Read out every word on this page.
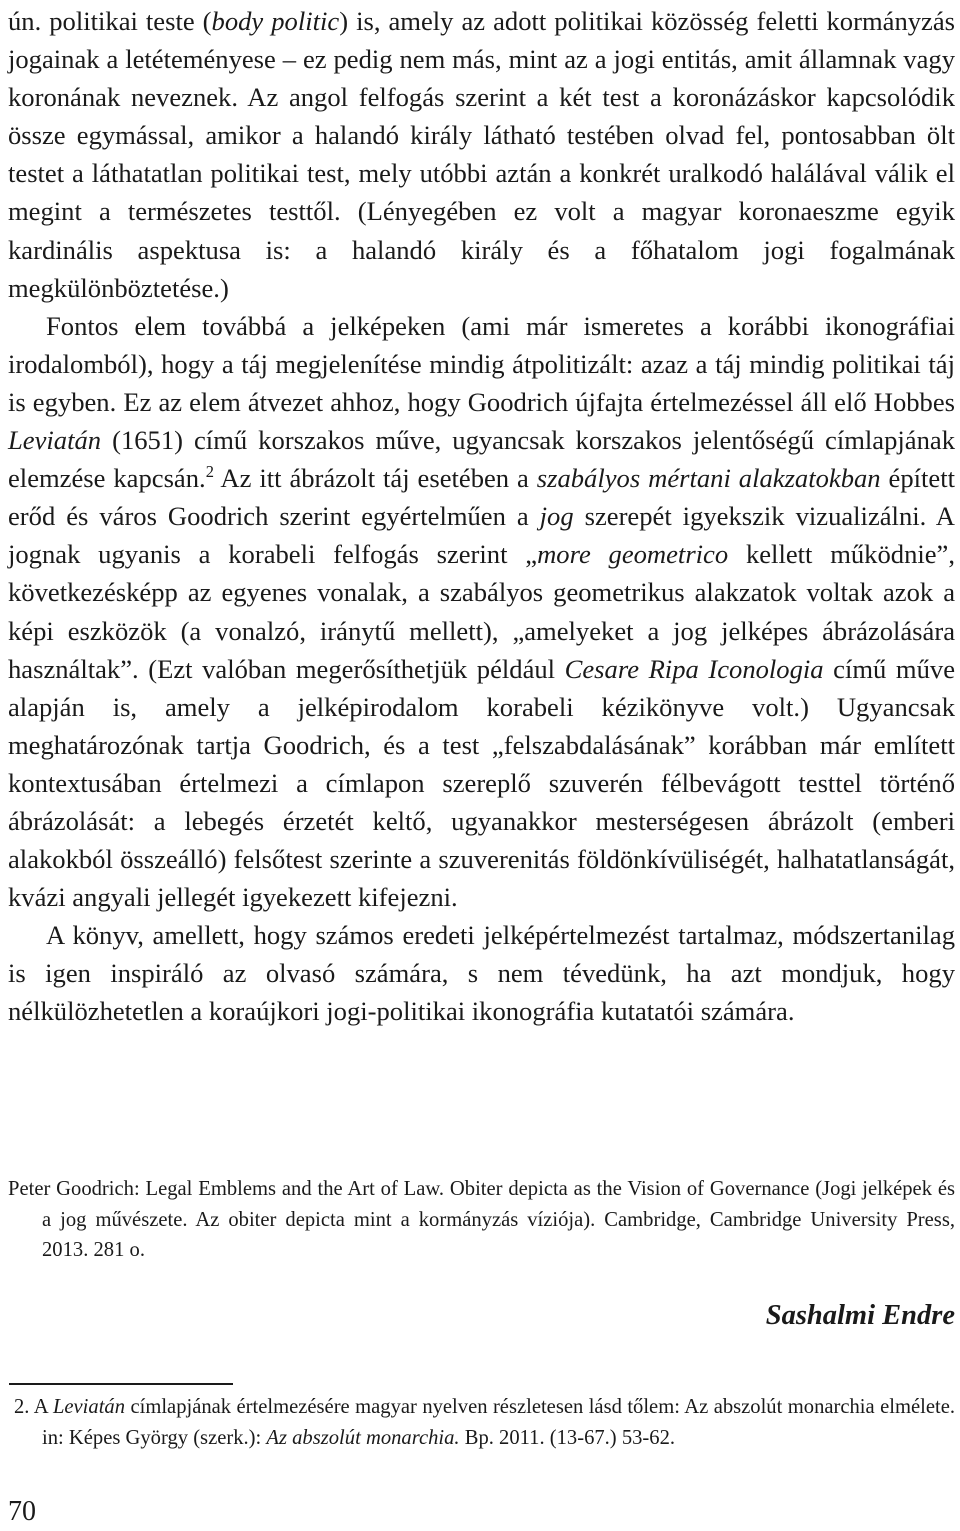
ún. politikai teste (body politic) is, amely az adott politikai közösség feletti kormányzás jogainak a letéteményese – ez pedig nem más, mint az a jogi entitás, amit államnak vagy koronának neveznek. Az angol felfogás szerint a két test a koronázáskor kapcsolódik össze egymással, amikor a halandó király látható testében olvad fel, pontosabban ölt testet a láthatatlan politikai test, mely utóbbi aztán a konkrét uralkodó halálával válik el megint a természetes testtől. (Lényegében ez volt a magyar koronaeszme egyik kardinális aspektusa is: a halandó király és a főhatalom jogi fogalmának megkülönböztetése.)

Fontos elem továbbá a jelképeken (ami már ismeretes a korábbi ikonográfiai irodalomból), hogy a táj megjelenítése mindig átpolitizált: azaz a táj mindig politikai táj is egyben. Ez az elem átvezet ahhoz, hogy Goodrich újfajta értelmezéssel áll elő Hobbes Leviatán (1651) című korszakos műve, ugyancsak korszakos jelentőségű címlapjának elemzése kapcsán.$^2$ Az itt ábrázolt táj esetében a szabályos mértani alakzatokban épített erőd és város Goodrich szerint egyértelműen a jog szerepét igyekszik vizualizálni. A jognak ugyanis a korabeli felfogás szerint „more geometrico kellett működnie”, következésképp az egyenes vonalak, a szabályos geometrikus alakzatok voltak azok a képi eszközök (a vonalzó, iránytű mellett), „amelyeket a jog jelképes ábrázolására használtak”. (Ezt valóban megerősíthetjük például Cesare Ripa Iconologia című műve alapján is, amely a jelképirodalom korabeli kézikönyve volt.) Ugyancsak meghatározónak tartja Goodrich, és a test „felszabdalásának” korábban már említett kontextusában értelmezi a címlapon szereplő szuverén félbevágott testtel történő ábrázolását: a lebegés érzetét keltő, ugyanakkor mesterségesen ábrázolt (emberi alakokból összeálló) felsőtest szerinte a szuverenitás földönkívüliségét, halhatatlanságát, kvázi angyali jellegét igyekezett kifejezni.

A könyv, amellett, hogy számos eredeti jelképértelmezést tartalmaz, módszertanilag is igen inspiráló az olvasó számára, s nem tévedünk, ha azt mondjuk, hogy nélkülözhetetlen a koraújkori jogi-politikai ikonográfia kutatatói számára.

Peter Goodrich: Legal Emblems and the Art of Law. Obiter depicta as the Vision of Governance (Jogi jelképek és a jog művészete. Az obiter depicta mint a kormányzás víziója). Cambridge, Cambridge University Press, 2013. 281 o.
Sashalmi Endre
2. A Leviatán címlapjának értelmezésére magyar nyelven részletesen lásd tőlem: Az abszolút monarchia elmélete. in: Képes György (szerk.): Az abszolút monarchia. Bp. 2011. (13-67.) 53-62.
70
